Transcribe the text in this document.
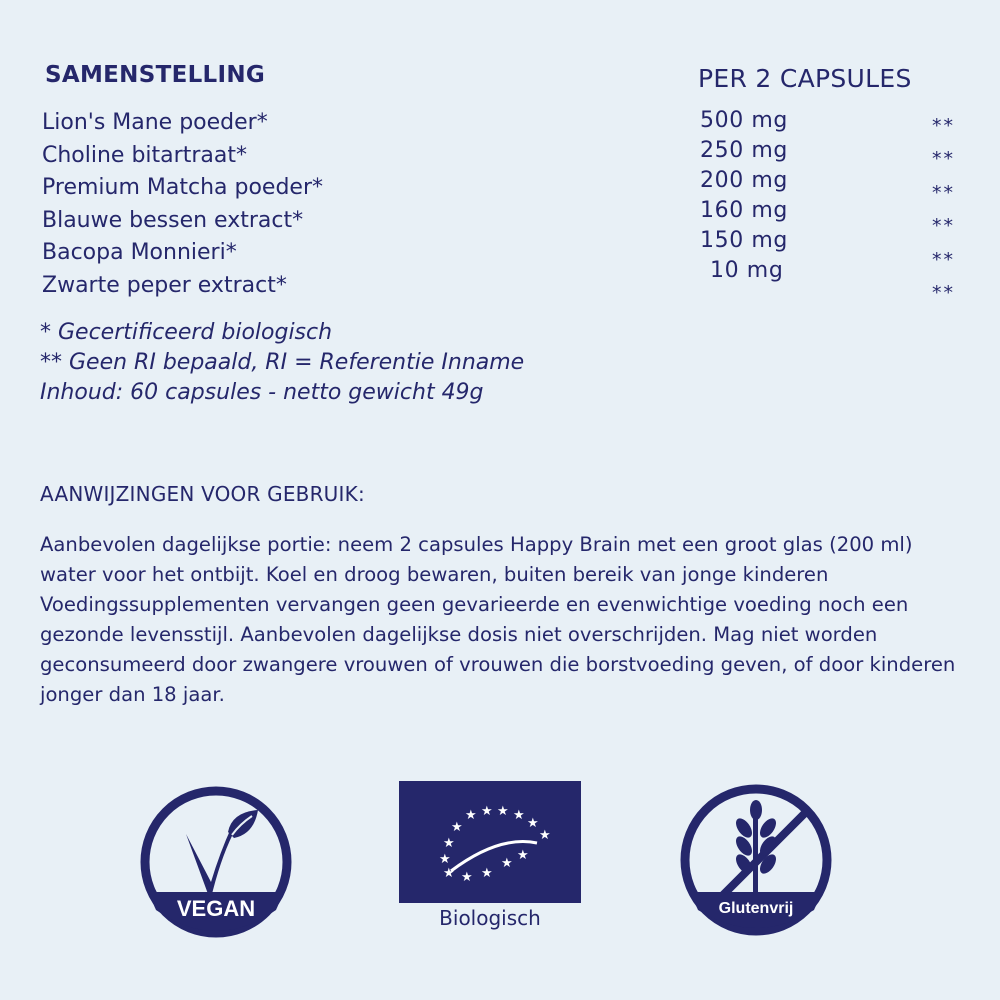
SAMENSTELLING	PER 2 CAPSULES
Lion's Mane poeder*
Choline bitartraat*
Premium Matcha poeder*
Blauwe bessen extract*
Bacopa Monnieri*
Zwarte peper extract*
500 mg
250 mg
200 mg
160 mg
150 mg
10 mg
**
**
**
**
**
**
* Gecertificeerd biologisch
** Geen RI bepaald, RI = Referentie Inname
Inhoud: 60 capsules - netto gewicht 49g
AANWIJZINGEN VOOR GEBRUIK:
Aanbevolen dagelijkse portie: neem 2 capsules Happy Brain met een groot glas (200 ml) water voor het ontbijt. Koel en droog bewaren, buiten bereik van jonge kinderen Voedingssupplementen vervangen geen gevarieerde en evenwichtige voeding noch een gezonde levensstijl. Aanbevolen dagelijkse dosis niet overschrijden. Mag niet worden geconsumeerd door zwangere vrouwen of vrouwen die borstvoeding geven, of door kinderen jonger dan 18 jaar.
VEGAN
★
★ ★ ★ ★
★
★
★
★
★ ★ ★
★
★
Biologisch	Glutenvrij
